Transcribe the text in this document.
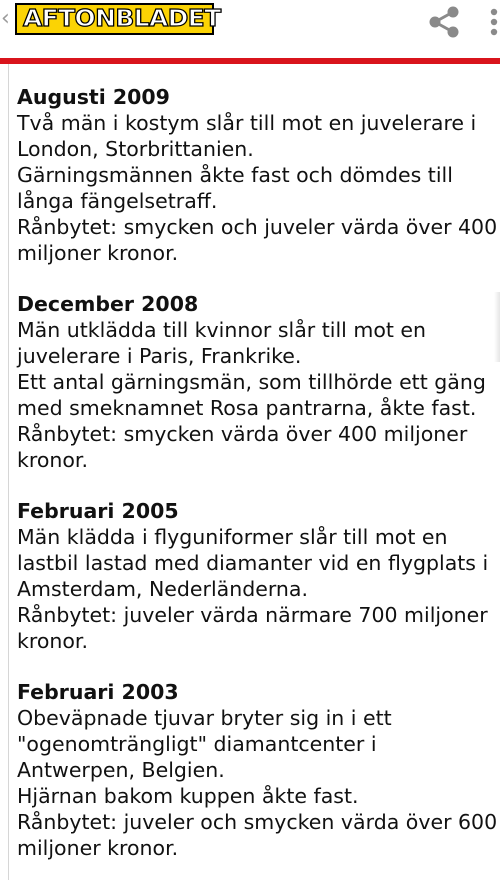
‹ AFTONBLADET
Augusti 2009

Två män i kostym slår till mot en juvelerare i London, Storbrittanien.

Gärningsmännen åkte fast och dömdes till långa fängelsetraff.

Rånbytet: smycken och juveler värda över 400 miljoner kronor.

December 2008

Män utklädda till kvinnor slår till mot en juvelerare i Paris, Frankrike.

Ett antal gärningsmän, som tillhörde ett gäng med smeknamnet Rosa pantrarna, åkte fast.

Rånbytet: smycken värda över 400 miljoner kronor.

Februari 2005

Män klädda i flyguniformer slår till mot en lastbil lastad med diamanter vid en flygplats i Amsterdam, Nederländerna.

Rånbytet: juveler värda närmare 700 miljoner kronor.

Februari 2003

Obeväpnade tjuvar bryter sig in i ett "ogenomträngligt" diamantcenter i Antwerpen, Belgien.

Hjärnan bakom kuppen åkte fast.

Rånbytet: juveler och smycken värda över 600 miljoner kronor.
